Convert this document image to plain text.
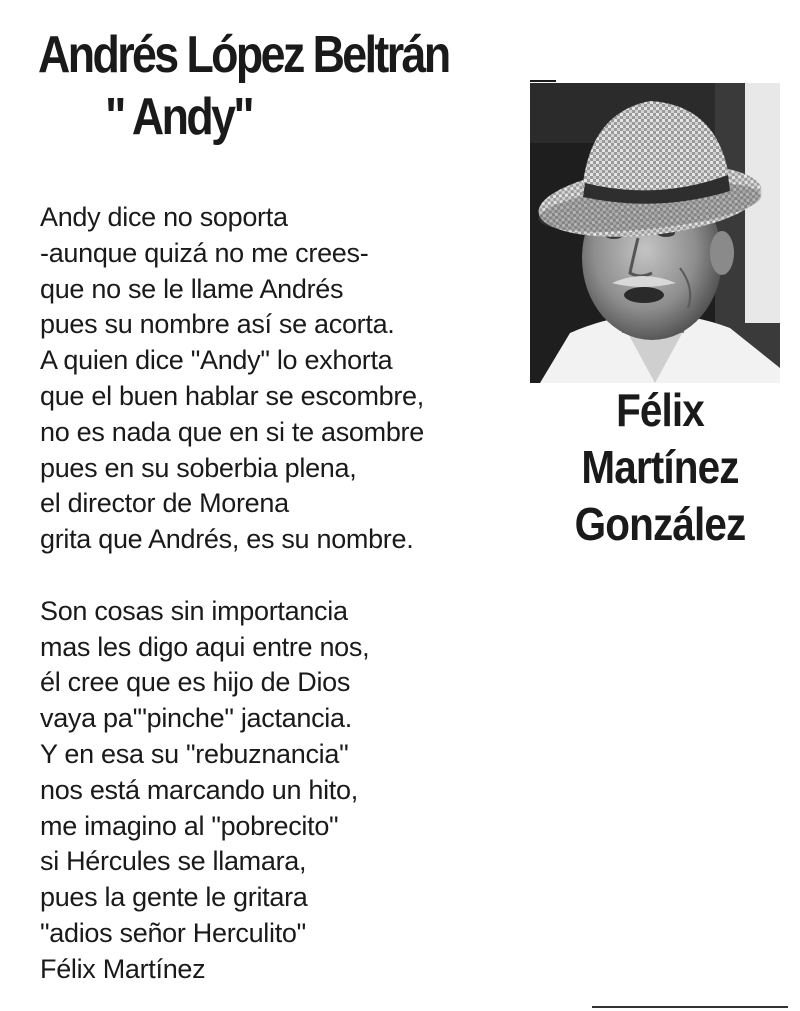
Andrés López Beltrán
" Andy"
Félix
Martínez
González
Andy dice no soporta
-aunque quizá no me crees-
que no se le llame Andrés
pues su nombre así se acorta.
A quien dice "Andy" lo exhorta
que el buen hablar se escombre,
no es nada que en si te asombre
pues en su soberbia plena,
el director de Morena
grita que Andrés, es su nombre.
Son cosas sin importancia
mas les digo aqui entre nos,
él cree que es hijo de Dios
vaya pa'"pinche" jactancia.
Y en esa su "rebuznancia"
nos está marcando un hito,
me imagino al "pobrecito"
si Hércules se llamara,
pues la gente le gritara
"adios señor Herculito"
Félix Martínez
